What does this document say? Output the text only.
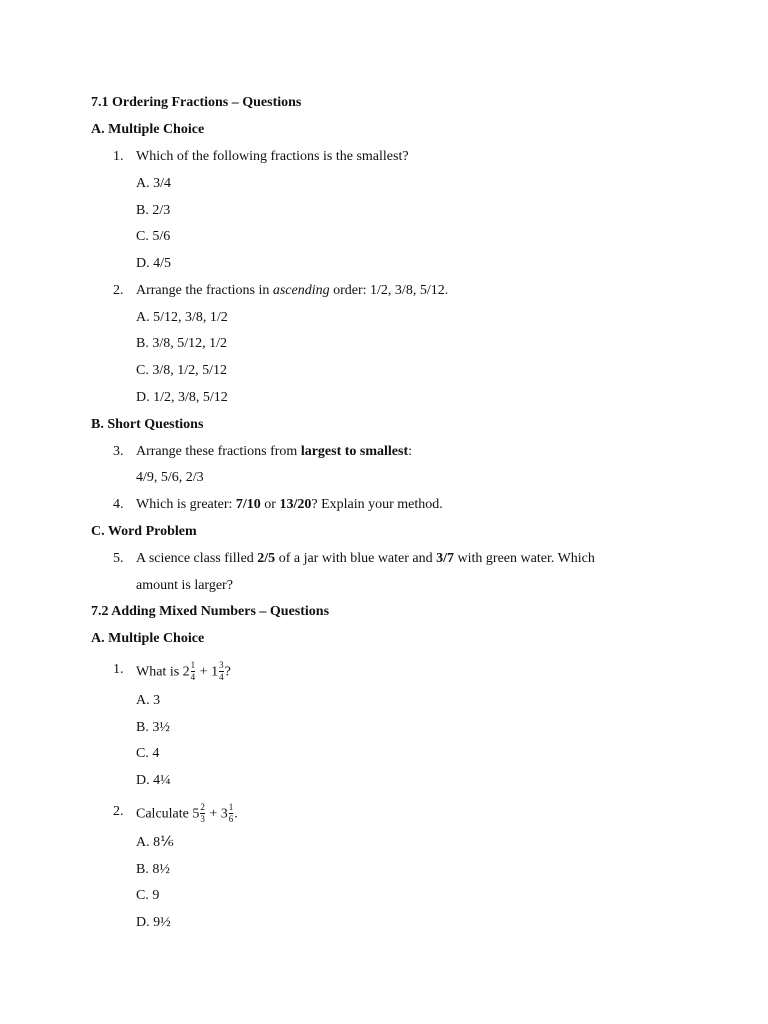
7.1 Ordering Fractions – Questions
A. Multiple Choice
1. Which of the following fractions is the smallest?
A. 3/4
B. 2/3
C. 5/6
D. 4/5
2. Arrange the fractions in ascending order: 1/2, 3/8, 5/12.
A. 5/12, 3/8, 1/2
B. 3/8, 5/12, 1/2
C. 3/8, 1/2, 5/12
D. 1/2, 3/8, 5/12
B. Short Questions
3. Arrange these fractions from largest to smallest:
4/9, 5/6, 2/3
4. Which is greater: 7/10 or 13/20? Explain your method.
C. Word Problem
5. A science class filled 2/5 of a jar with blue water and 3/7 with green water. Which
amount is larger?
7.2 Adding Mixed Numbers – Questions
A. Multiple Choice
1. What is $2 \frac{1}{4} + 1 \frac{3}{4}$ ?
A. 3
B. 3½
C. 4
D. 4¼
2. Calculate $5 \frac{2}{3} + 3 \frac{1}{6}$ .
A. 8⅙
B. 8½
C. 9
D. 9½
